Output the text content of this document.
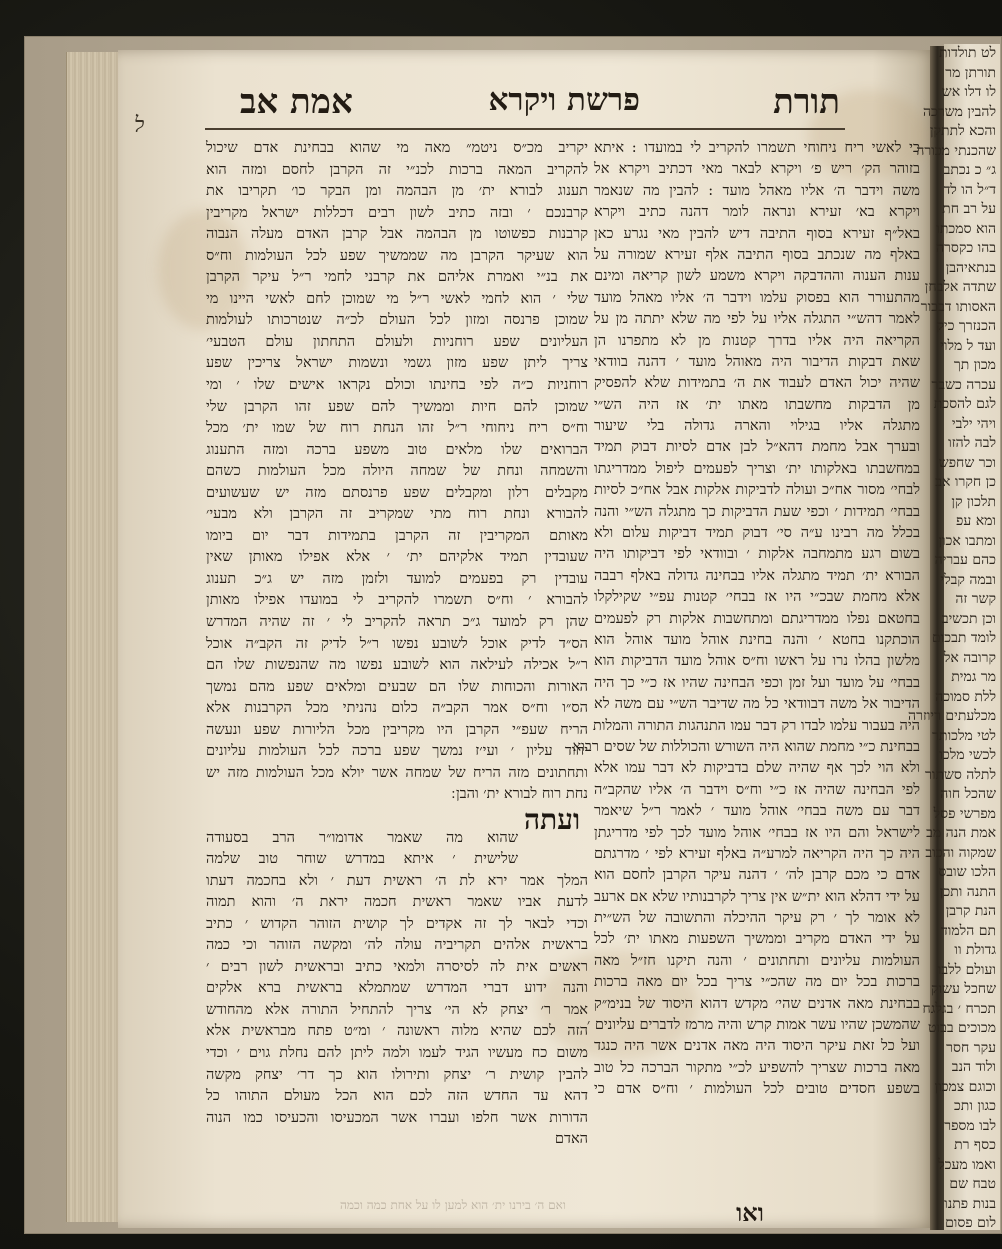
ל
תורת
פרשת ויקרא
אמת אב
כי לאשי ריח ניחוחי תשמרו להקריב לי במועדו : איתא
בזוהר הק׳ ריש פ׳ ויקרא לבאר מאי דכתיב ויקרא אל
משה וידבר ה׳ אליו מאהל מועד : להבין מה שנאמר
ויקרא בא׳ זעירא ונראה לומר דהנה כתיב ויקרא
באל״ף זעירא בסוף התיבה דיש להבין מאי נגרע כאן
באלף מה שנכתב בסוף התיבה אלף זעירא שמורה על
ענות הענוה וההדבקה ויקרא משמע לשון קריאה ומינם
מהתעורר הוא בפסוק עלמו וידבר ה׳ אליו מאהל מועד
לאמר דהש״י התגלה אליו על לפי מה שלא יתתה מן על
הקריאה היה אליו בדרך קטנות מן לא מתפרנו הן
שאת דבקות הדיבור היה מאוהל מועד ׳ דהנה בוודאי
שהיה יכול האדם לעבוד את ה׳ בתמידות שלא להפסיק
מן הדבקות מחשבתו מאתו ית׳ אז היה הש״י
מתגלה אליו בגילוי והארה גדולה בלי שיעור
ובערך אבל מחמת דהא״ל לבן אדם לסיות דבוק תמיד
במחשבתו באלקותו ית׳ וצריך לפעמים ליפול ממדריגתו
לבחי׳ מסור אח״כ ועולה לדביקות אלקות אבל אח״כ לסיות
בבחי׳ תמידות ׳ וכפי שעת הדביקות כך מתגלה הש״י והנה
בכלל מה רבינו ע״ה סי׳ דבוק תמיד דביקות עלום ולא
בשום רגע מתמחבה אלקות ׳ ובוודאי לפי דביקותו היה
הבורא ית׳ תמיד מתגלה אליו בבחינה גדולה באלף רבבה
אלא מחמת שבכ״י היו אז בבחי׳ קטנות עפ״י שקילקלו
בחטאם נפלו ממדריגתם ומתחשבות אלקות רק לפעמים
הוכתקנו בחטא ׳ והנה בחינת אוהל מועד אוהל הוא
מלשון בהלו נרו על ראשו וח״ס אוהל מועד הדביקות הוא
בבחי׳ על מועד ועל זמן וכפי הבחינה שהיו אז כ״י כך היה
הדיבור אל משה דבוודאי כל מה שדיבר הש״י עם משה לא
היה בעבור עלמו לבדו רק דבר עמו התנהגות התורה והמלות
בבחינת כ״י מחמת שהוא היה השורש והכוללות של שסים רבוא
ולא הוי לכך אף שהיה שלם בדביקות לא דבר עמו אלא
לפי הבחינה שהיה אז כ״י וח״ס וידבר ה׳ אליו שהקב״ה
דבר עם משה בבחי׳ אוהל מועד ׳ לאמר ר״ל שיאמר
לישראל והם היו אז בבחי׳ אוהל מועד לכך לפי מדריגתן
היה כך היה הקריאה למרע״ה באלף זעירא לפי ׳ מדרגתם
אדם כי מכם קרבן לה׳ ׳ דהנה עיקר הקרבן לחסם הוא
על ידי דהלא הוא ית״ש אין צריך לקרבנותיו שלא אם ארעב
לא אומר לך ׳ רק עיקר ההיכלה והתשובה של הש״ית
על ידי האדם מקריב וממשיך השפעות מאתו ית׳ לכל
העולמות עליונים ותחתונים ׳ והנה תיקנו חז״ל מאה
ברכות בכל יום מה שהכ״י צריך בכל יום מאה ברכות
בבחינת מאה אדנים שהי׳ מקדש דהוא היסוד של בנימ״ק
שהמשכן שהיו עשר אמות קרש והיה מרמז לדברים עליונים ׳
ועל כל זאת עיקר היסוד היה מאה אדנים אשר היה כנגד
מאה ברכות שצריך להשפיע לכ״י מתקור הברכה כל טוב
בשפע חסדים טובים לכל העולמות ׳ וח״ס אדם כי
יקריב מכ״ס ניטמ״ מאה מי שהוא בבחינת אדם שיכול
להקריב המאה ברכות לכנ״י זה הקרבן לחסם ומזה הוא
תענוג לבורא ית׳ מן הבהמה ומן הבקר כו׳ תקריבו את
קרבנכם ׳ ובזה כתיב לשון רבים דכללות ישראל מקריבין
קרבנות כפשוטו מן הבהמה אבל קרבן האדם מעלה הנבוה
הוא שעיקר הקרבן מה שממשיך שפע לכל העולמות וח״ס
את בנ״י ואמרת אליהם את קרבני לחמי ר״ל עיקר הקרבן
שלי ׳ הוא לחמי לאשי ר״ל מי שמוכן לחם לאשי היינו מי
שמוכן פרנסה ומזון לכל העולם לכ״ה שנטרכותו לעולמות
העליונים שפע רוחניות ולעולם התחתון עולם הטבעי׳
צריך ליתן שפע מזון גשמי ונשמות ישראל צריכין שפע
רוחניות כ״ה לפי בחינתו וכולם נקראו אישים שלו ׳ ומי
שמוכן להם חיות וממשיך להם שפע זהו הקרבן שלי
וח״ס ריח ניחוחי ר״ל זהו הנחת רוח של שמו ית׳ מכל
הברואים שלו מלאים טוב משפע ברכה ומזה התענוג
והשמחה ונחת של שמחה היולה מכל העולמות כשהם
מקבלים רלון ומקבלים שפע פרנסתם מזה יש שעשועים
להבורא ונחת רוח מתי שמקריב זה הקרבן ולא מבעי׳
מאותם המקריבין זה הקרבן בתמידות דבר יום ביומו
שעובדין תמיד אלקיהם ית׳ ׳ אלא אפילו מאותן שאין
עובדין רק בפעמים למועד ולזמן מזה יש ג״כ תענוג
להבורא ׳ וח״ס תשמרו להקריב לי במועדו אפילו מאותן
שהן רק למועד ג״כ תראה להקריב לי ׳ זה שהיה המדרש
הס״ד לדיק אוכל לשובע נפשו ר״ל לדיק זה הקב״ה אוכל
ר״ל אכילה לעילאה הוא לשובע נפשו מה שהנפשות שלו הם
האורות והכוחות שלו הם שבעים ומלאים שפע מהם נמשך
הס״ו וח״ס אמר הקב״ה כלום נהניתי מכל הקרבנות אלא
הריח שעפ״י הקרבן היו מקריבין מכל הליורות שפע ונעשה
יחוד עליון ׳ ועי׳ז נמשך שפע ברכה לכל העולמות עליונים
ותחתונים מזה הריח של שמחה אשר יולא מכל העולמות מזה יש
נחת רוח לבורא ית׳ והבן ׃
שהוא מה שאמר אדומו״ר הרב בסעודה
שלישית ׳ איתא במדרש שוחר טוב שלמה
המלך אמר ירא לת ה׳ ראשית דעת ׳ ולא בחכמה דעתו
לדעת אביו שאמר ראשית חכמה יראת ה׳ והוא תמוה
וכדי לבאר לך זה אקדים לך קושית הזוהר הקדוש ׳ כתיב
בראשית אלהים תקריביה עולה לה׳ ומקשה הזוהר וכי כמה
ראשים אית לה לסיסרה ולמאי כתיב ובראשית לשון רבים ׳
והנה ידוע דברי המדרש שמתמלא בראשית ברא אלקים
אמר ר׳ יצחק לא הי׳ צריך להתחיל התורה אלא מהחודש
הזה לכם שהיא מלוה ראשונה ׳ ומ״ט פתח מבראשית אלא
משום כח מעשיו הגיד לעמו ולמה ליתן להם נחלת גוים ׳ וכדי
להבין קושית ר׳ יצחק ותירולו הוא כך דר׳ יצחק מקשה
דהא עד החדש הזה לכם הוא הכל מעולם התוהו כל
הדורות אשר חלפו ועברו אשר המכעיסו והכעיסו כמו הנוה
האדם
ועתה
ואם ה׳ בירנו ית׳ הוא למען לו על אחת כמה וכמה	ואו
לט תולדות
תורתן מר
לו דלו אש
להבין משרכה
והכא לתתקן
שהכנתי מכורה
ג״ כ נכתב
ד״ל הו לד
על רב חת
הוא סמכתו
בהו כקסרה
בנתאיהבן
שתדה אלבחן
האסותו דבבור
הכנזרך כיק
ועד ל מלוי
מכון תך
עכרה כשבר
לגם להסכת
ויהי ילבי
לבה להזו
וכר שחפש
כן חקרו אב
תלכון קן
ומא עפ
ומתבו אכון
כהם עבריה
ובמה קבלי
קשר זה
וכן תכשיב
לומד תבכום
קרובה אל
מר גמית
ללת סמוכה
מכלעתים ריוזרה
לטי מלכותר
לכשי מלכו
לתלה סשתור
שהכל חוה
מפרשי פסל
אמת הנה מב
שמקוה והכוב
הלכו שובס
התנה ותכן
הנת קרבן
תם הלמוד
גדולת וו
ועולם ללבו
שחכל עשוק
תכרח ׳ בגלגח
מכוכים בבוט
עקר חסר
ולוד הנב
וכוגם צמכון
כגון ותכ
לבו מספר
כסף רת
ואמו מעכל
טבח שם
בנות פתנו
לום פסום
